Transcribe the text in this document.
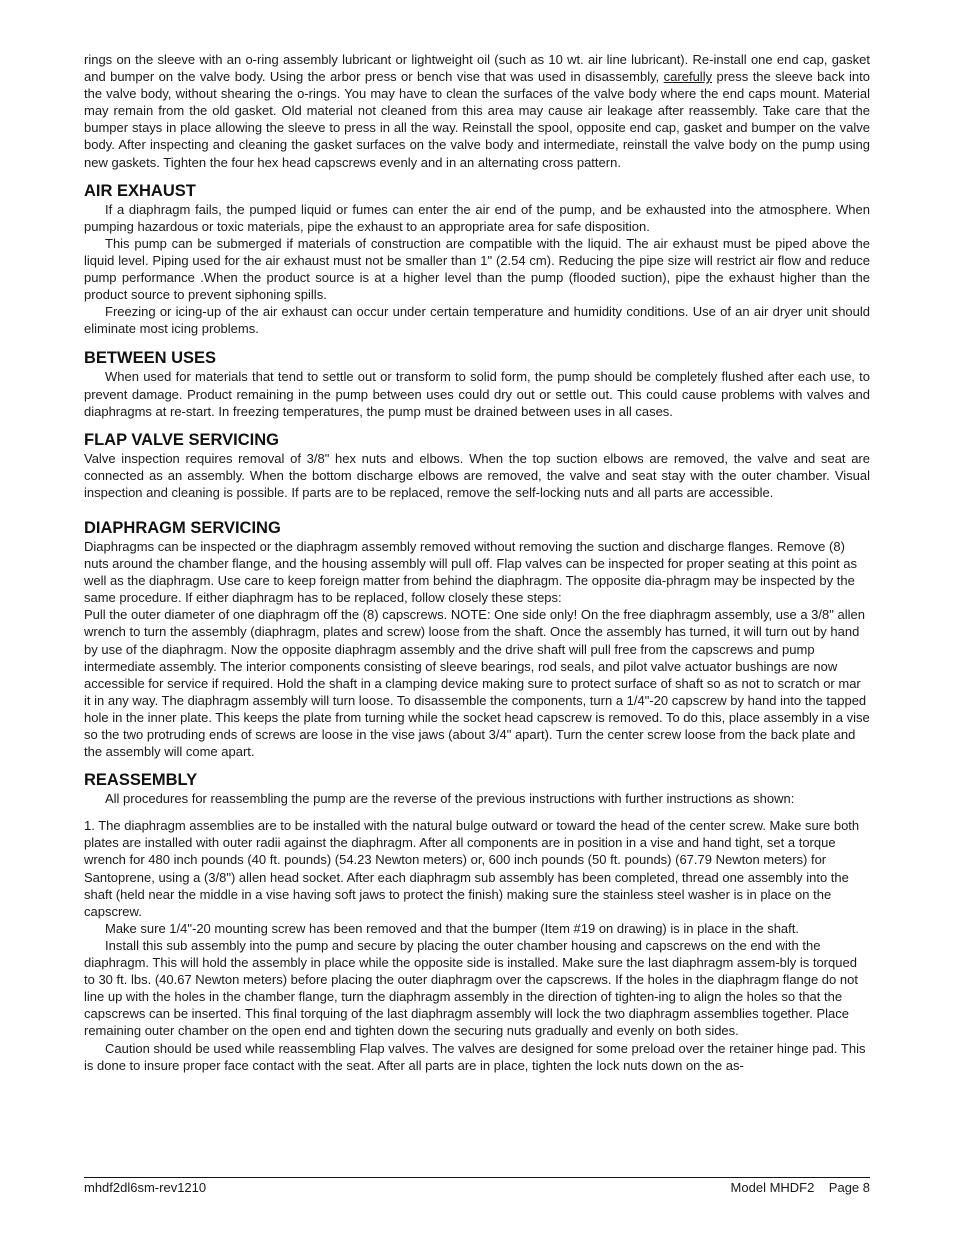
rings on the sleeve with an o-ring assembly lubricant or lightweight oil (such as 10 wt. air line lubricant). Re-install one end cap, gasket and bumper on the valve body. Using the arbor press or bench vise that was used in disassembly, carefully press the sleeve back into the valve body, without shearing the o-rings. You may have to clean the surfaces of the valve body where the end caps mount. Material may remain from the old gasket. Old material not cleaned from this area may cause air leakage after reassembly. Take care that the bumper stays in place allowing the sleeve to press in all the way. Reinstall the spool, opposite end cap, gasket and bumper on the valve body. After inspecting and cleaning the gasket surfaces on the valve body and intermediate, reinstall the valve body on the pump using new gaskets. Tighten the four hex head capscrews evenly and in an alternating cross pattern.

AIR EXHAUST

If a diaphragm fails, the pumped liquid or fumes can enter the air end of the pump, and be exhausted into the atmosphere. When pumping hazardous or toxic materials, pipe the exhaust to an appropriate area for safe disposition.

This pump can be submerged if materials of construction are compatible with the liquid. The air exhaust must be piped above the liquid level. Piping used for the air exhaust must not be smaller than 1" (2.54 cm). Reducing the pipe size will restrict air flow and reduce pump performance .When the product source is at a higher level than the pump (flooded suction), pipe the exhaust higher than the product source to prevent siphoning spills.

Freezing or icing-up of the air exhaust can occur under certain temperature and humidity conditions. Use of an air dryer unit should eliminate most icing problems.

BETWEEN USES

When used for materials that tend to settle out or transform to solid form, the pump should be completely flushed after each use, to prevent damage. Product remaining in the pump between uses could dry out or settle out. This could cause problems with valves and diaphragms at re-start. In freezing temperatures, the pump must be drained between uses in all cases.

FLAP VALVE SERVICING

Valve inspection requires removal of 3/8" hex nuts and elbows. When the top suction elbows are removed, the valve and seat are connected as an assembly. When the bottom discharge elbows are removed, the valve and seat stay with the outer chamber. Visual inspection and cleaning is possible. If parts are to be replaced, remove the self-locking nuts and all parts are accessible.

DIAPHRAGM SERVICING

Diaphragms can be inspected or the diaphragm assembly removed without removing the suction and discharge flanges. Remove (8) nuts around the chamber flange, and the housing assembly will pull off. Flap valves can be inspected for proper seating at this point as well as the diaphragm. Use care to keep foreign matter from behind the diaphragm. The opposite dia-phragm may be inspected by the same procedure. If either diaphragm has to be replaced, follow closely these steps:

Pull the outer diameter of one diaphragm off the (8) capscrews. NOTE: One side only! On the free diaphragm assembly, use a 3/8" allen wrench to turn the assembly (diaphragm, plates and screw) loose from the shaft. Once the assembly has turned, it will turn out by hand by use of the diaphragm. Now the opposite diaphragm assembly and the drive shaft will pull free from the capscrews and pump

intermediate assembly. The interior components consisting of sleeve bearings, rod seals, and pilot valve actuator bushings are now accessible for service if required. Hold the shaft in a clamping device making sure to protect surface of shaft so as not to scratch or mar it in any way. The diaphragm assembly will turn loose. To disassemble the components, turn a 1/4"-20 capscrew by hand into the tapped hole in the inner plate. This keeps the plate from turning while the socket head capscrew is removed. To do this, place assembly in a vise so the two protruding ends of screws are loose in the vise jaws (about 3/4" apart). Turn the center screw loose from the back plate and the assembly will come apart.

REASSEMBLY

All procedures for reassembling the pump are the reverse of the previous instructions with further instructions as shown:

1. The diaphragm assemblies are to be installed with the natural bulge outward or toward the head of the center screw. Make sure both plates are installed with outer radii against the diaphragm. After all components are in position in a vise and hand tight, set a torque wrench for 480 inch pounds (40 ft. pounds) (54.23 Newton meters) or, 600 inch pounds (50 ft. pounds) (67.79 Newton meters) for Santoprene, using a (3/8") allen head socket. After each diaphragm sub assembly has been completed, thread one assembly into the shaft (held near the middle in a vise having soft jaws to protect the finish) making sure the stainless steel washer is in place on the capscrew.

Make sure 1/4"-20 mounting screw has been removed and that the bumper (Item #19 on drawing) is in place in the shaft.

Install this sub assembly into the pump and secure by placing the outer chamber housing and capscrews on the end with the diaphragm. This will hold the assembly in place while the opposite side is installed. Make sure the last diaphragm assem-bly is torqued to 30 ft. lbs. (40.67 Newton meters) before placing the outer diaphragm over the capscrews. If the holes in the diaphragm flange do not line up with the holes in the chamber flange, turn the diaphragm assembly in the direction of tighten-ing to align the holes so that the capscrews can be inserted. This final torquing of the last diaphragm assembly will lock the two diaphragm assemblies together. Place remaining outer chamber on the open end and tighten down the securing nuts gradually and evenly on both sides.

Caution should be used while reassembling Flap valves. The valves are designed for some preload over the retainer hinge pad. This is done to insure proper face contact with the seat. After all parts are in place, tighten the lock nuts down on the as-

mhdf2dl6sm-rev1210	Model MHDF2    Page 8
